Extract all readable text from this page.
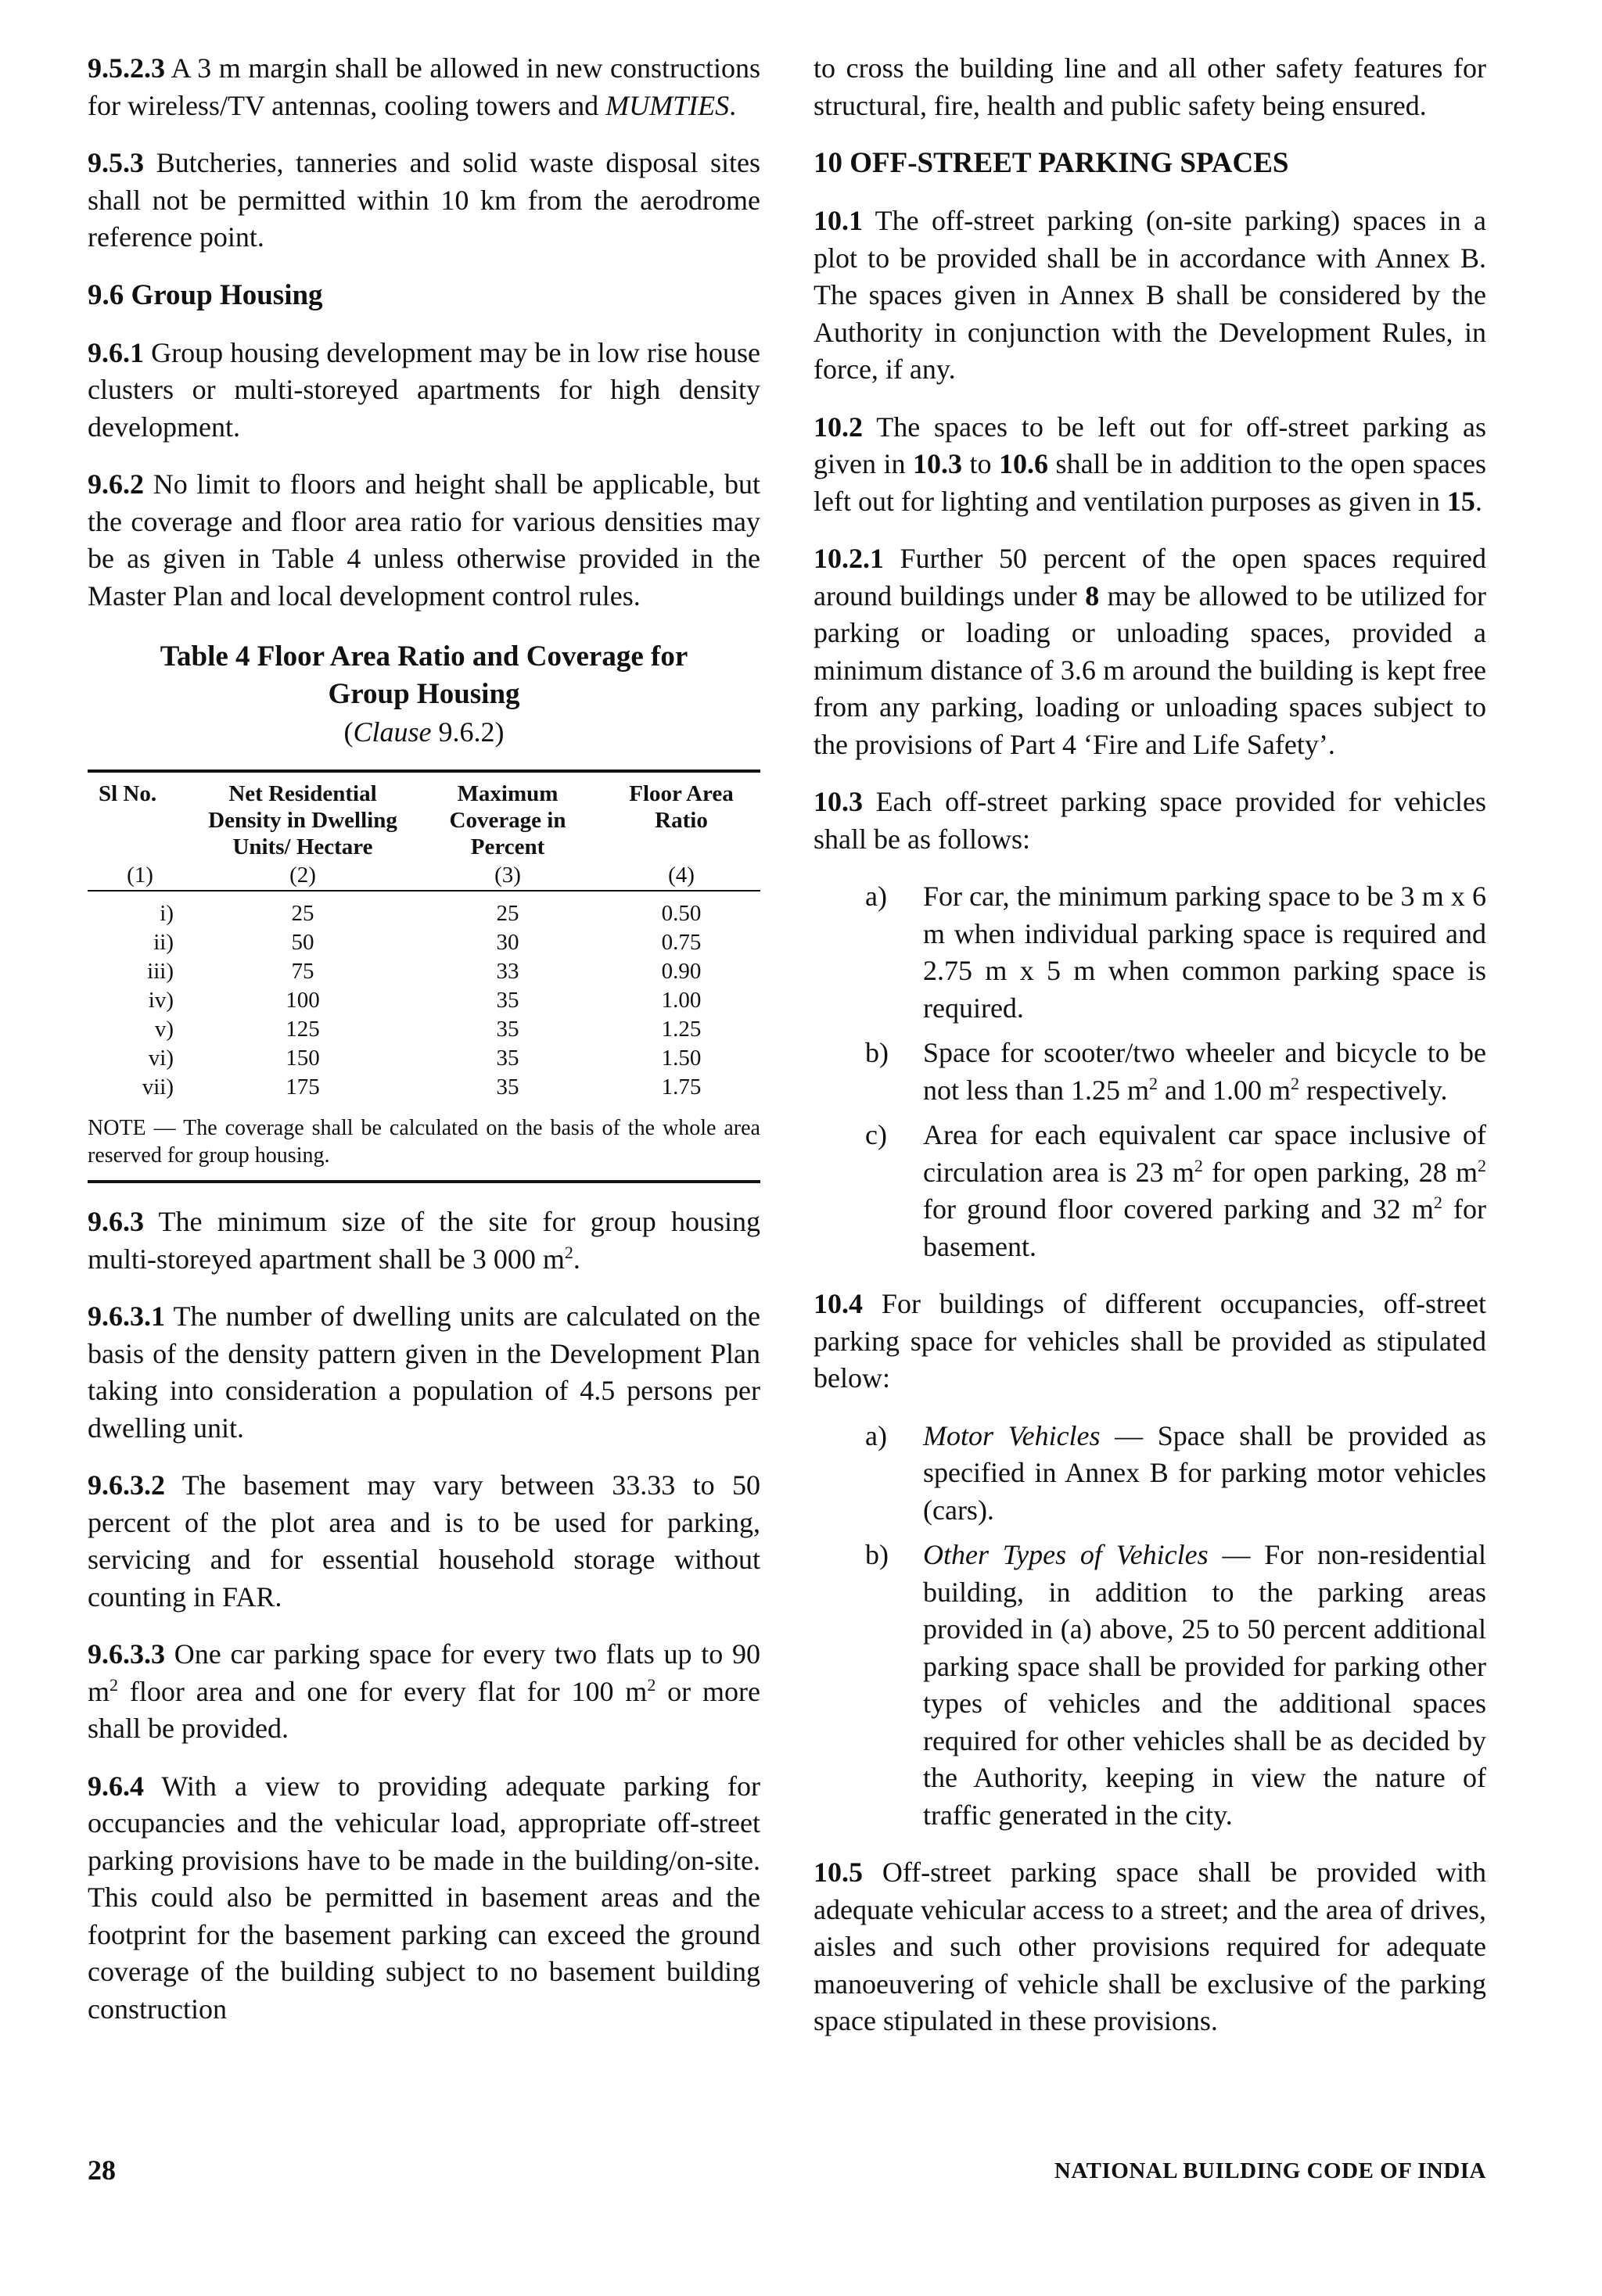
9.5.2.3 A 3 m margin shall be allowed in new constructions for wireless/TV antennas, cooling towers and MUMTIES.

9.5.3 Butcheries, tanneries and solid waste disposal sites shall not be permitted within 10 km from the aerodrome reference point.

9.6 Group Housing

9.6.1 Group housing development may be in low rise house clusters or multi-storeyed apartments for high density development.

9.6.2 No limit to floors and height shall be applicable, but the coverage and floor area ratio for various densities may be as given in Table 4 unless otherwise provided in the Master Plan and local development control rules.

Table 4 Floor Area Ratio and Coverage for
Group Housing
(Clause 9.6.2)
Sl No.	Net Residential Density in Dwelling Units/ Hectare	Maximum Coverage in Percent	Floor Area Ratio
(1)	(2)	(3)	(4)

i)	25	25	0.50
ii)	50	30	0.75
iii)	75	33	0.90
iv)	100	35	1.00
v)	125	35	1.25
vi)	150	35	1.50
vii)	175	35	1.75
NOTE — The coverage shall be calculated on the basis of the whole area reserved for group housing.

9.6.3 The minimum size of the site for group housing multi-storeyed apartment shall be 3 000 $m^2$.

9.6.3.1 The number of dwelling units are calculated on the basis of the density pattern given in the Development Plan taking into consideration a population of 4.5 persons per dwelling unit.

9.6.3.2 The basement may vary between 33.33 to 50 percent of the plot area and is to be used for parking, servicing and for essential household storage without counting in FAR.

9.6.3.3 One car parking space for every two flats up to 90 $m^2$ floor area and one for every flat for 100 $m^2$ or more shall be provided.

9.6.4 With a view to providing adequate parking for occupancies and the vehicular load, appropriate off-street parking provisions have to be made in the building/on-site. This could also be permitted in basement areas and the footprint for the basement parking can exceed the ground coverage of the building subject to no basement building construction

to cross the building line and all other safety features for structural, fire, health and public safety being ensured.

10 OFF-STREET PARKING SPACES

10.1 The off-street parking (on-site parking) spaces in a plot to be provided shall be in accordance with Annex B. The spaces given in Annex B shall be considered by the Authority in conjunction with the Development Rules, in force, if any.

10.2 The spaces to be left out for off-street parking as given in 10.3 to 10.6 shall be in addition to the open spaces left out for lighting and ventilation purposes as given in 15.

10.2.1 Further 50 percent of the open spaces required around buildings under 8 may be allowed to be utilized for parking or loading or unloading spaces, provided a minimum distance of 3.6 m around the building is kept free from any parking, loading or unloading spaces subject to the provisions of Part 4 ‘Fire and Life Safety’.

10.3 Each off-street parking space provided for vehicles shall be as follows:

a)	For car, the minimum parking space to be 3 m x 6 m when individual parking space is required and 2.75 m x 5 m when common parking space is required.

b)	Space for scooter/two wheeler and bicycle to be not less than 1.25 $m^2$ and 1.00 $m^2$ respectively.

c)	Area for each equivalent car space inclusive of circulation area is 23 $m^2$ for open parking, 28 $m^2$ for ground floor covered parking and 32 $m^2$ for basement.

10.4 For buildings of different occupancies, off-street parking space for vehicles shall be provided as stipulated below:

a)	Motor Vehicles — Space shall be provided as specified in Annex B for parking motor vehicles (cars).

b)	Other Types of Vehicles — For non-residential building, in addition to the parking areas provided in (a) above, 25 to 50 percent additional parking space shall be provided for parking other types of vehicles and the additional spaces required for other vehicles shall be as decided by the Authority, keeping in view the nature of traffic generated in the city.

10.5 Off-street parking space shall be provided with adequate vehicular access to a street; and the area of drives, aisles and such other provisions required for adequate manoeuvering of vehicle shall be exclusive of the parking space stipulated in these provisions.

28	NATIONAL BUILDING CODE OF INDIA
